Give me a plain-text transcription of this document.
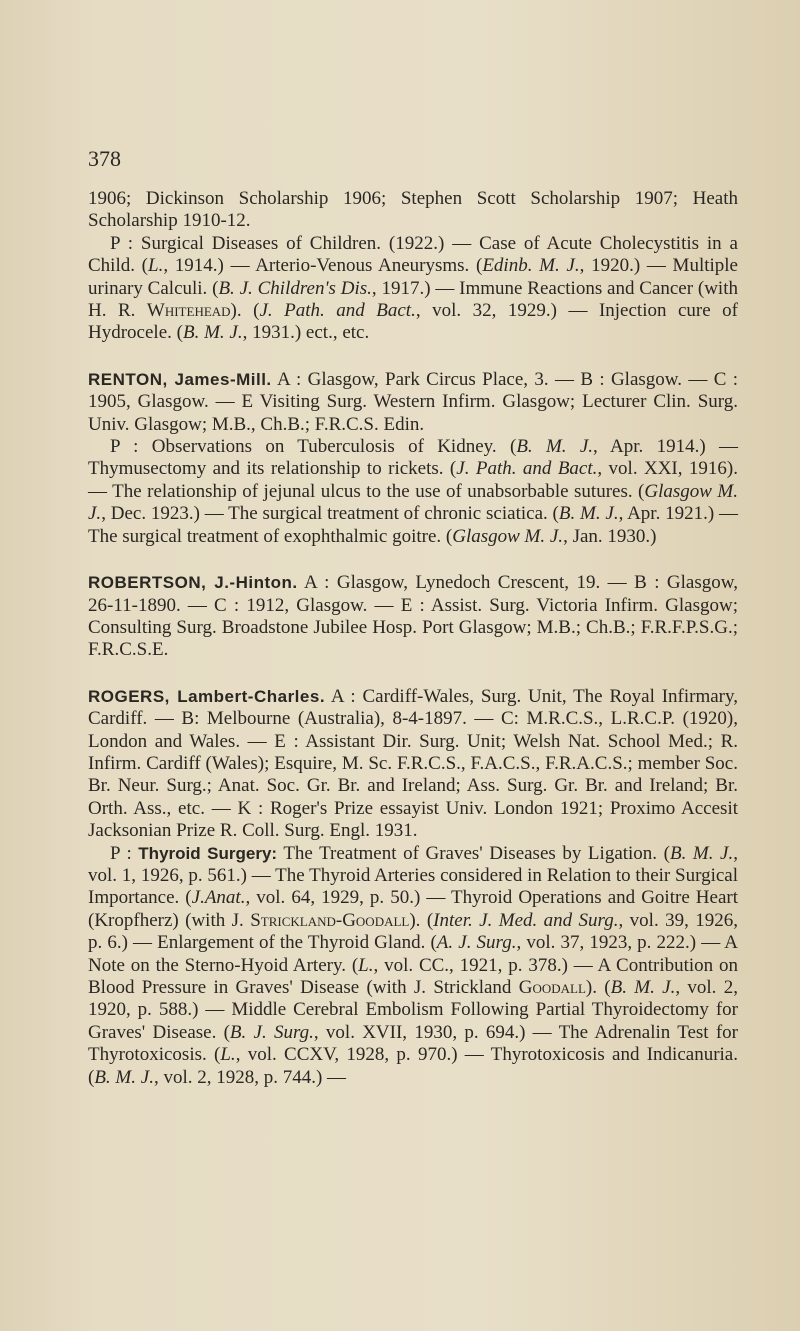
378

1906; Dickinson Scholarship 1906; Stephen Scott Scholarship 1907; Heath Scholarship 1910-12.

P : Surgical Diseases of Children. (1922.) — Case of Acute Cholecystitis in a Child. (L., 1914.) — Arterio-Venous Aneurysms. (Edinb. M. J., 1920.) — Multiple urinary Calculi. (B. J. Children's Dis., 1917.) — Immune Reactions and Cancer (with H. R. Whitehead). (J. Path. and Bact., vol. 32, 1929.) — Injection cure of Hydrocele. (B. M. J., 1931.) ect., etc.

RENTON, James-Mill. A : Glasgow, Park Circus Place, 3. — B : Glasgow. — C : 1905, Glasgow. — E Visiting Surg. Western Infirm. Glasgow; Lecturer Clin. Surg. Univ. Glasgow; M.B., Ch.B.; F.R.C.S. Edin.

P : Observations on Tuberculosis of Kidney. (B. M. J., Apr. 1914.) — Thymusectomy and its relationship to rickets. (J. Path. and Bact., vol. XXI, 1916). — The relationship of jejunal ulcus to the use of unabsorbable sutures. (Glasgow M. J., Dec. 1923.) — The surgical treatment of chronic sciatica. (B. M. J., Apr. 1921.) — The surgical treatment of exophthalmic goitre. (Glasgow M. J., Jan. 1930.)

ROBERTSON, J.-Hinton. A : Glasgow, Lynedoch Crescent, 19. — B : Glasgow, 26-11-1890. — C : 1912, Glasgow. — E : Assist. Surg. Victoria Infirm. Glasgow; Consulting Surg. Broadstone Jubilee Hosp. Port Glasgow; M.B.; Ch.B.; F.R.F.P.S.G.; F.R.C.S.E.

ROGERS, Lambert-Charles. A : Cardiff-Wales, Surg. Unit, The Royal Infirmary, Cardiff. — B: Melbourne (Australia), 8-4-1897. — C: M.R.C.S., L.R.C.P. (1920), London and Wales. — E : Assistant Dir. Surg. Unit; Welsh Nat. School Med.; R. Infirm. Cardiff (Wales); Esquire, M. Sc. F.R.C.S., F.A.C.S., F.R.A.C.S.; member Soc. Br. Neur. Surg.; Anat. Soc. Gr. Br. and Ireland; Ass. Surg. Gr. Br. and Ireland; Br. Orth. Ass., etc. — K : Roger's Prize essayist Univ. London 1921; Proximo Accesit Jacksonian Prize R. Coll. Surg. Engl. 1931.

P : Thyroid Surgery: The Treatment of Graves' Diseases by Ligation. (B. M. J., vol. 1, 1926, p. 561.) — The Thyroid Arteries considered in Relation to their Surgical Importance. (J.Anat., vol. 64, 1929, p. 50.) — Thyroid Operations and Goitre Heart (Kropfherz) (with J. Strickland-Goodall). (Inter. J. Med. and Surg., vol. 39, 1926, p. 6.) — Enlargement of the Thyroid Gland. (A. J. Surg., vol. 37, 1923, p. 222.) — A Note on the Sterno-Hyoid Artery. (L., vol. CC., 1921, p. 378.) — A Contribution on Blood Pressure in Graves' Disease (with J. Strickland Goodall). (B. M. J., vol. 2, 1920, p. 588.) — Middle Cerebral Embolism Following Partial Thyroidectomy for Graves' Disease. (B. J. Surg., vol. XVII, 1930, p. 694.) — The Adrenalin Test for Thyrotoxicosis. (L., vol. CCXV, 1928, p. 970.) — Thyrotoxicosis and Indicanuria. (B. M. J., vol. 2, 1928, p. 744.) —
